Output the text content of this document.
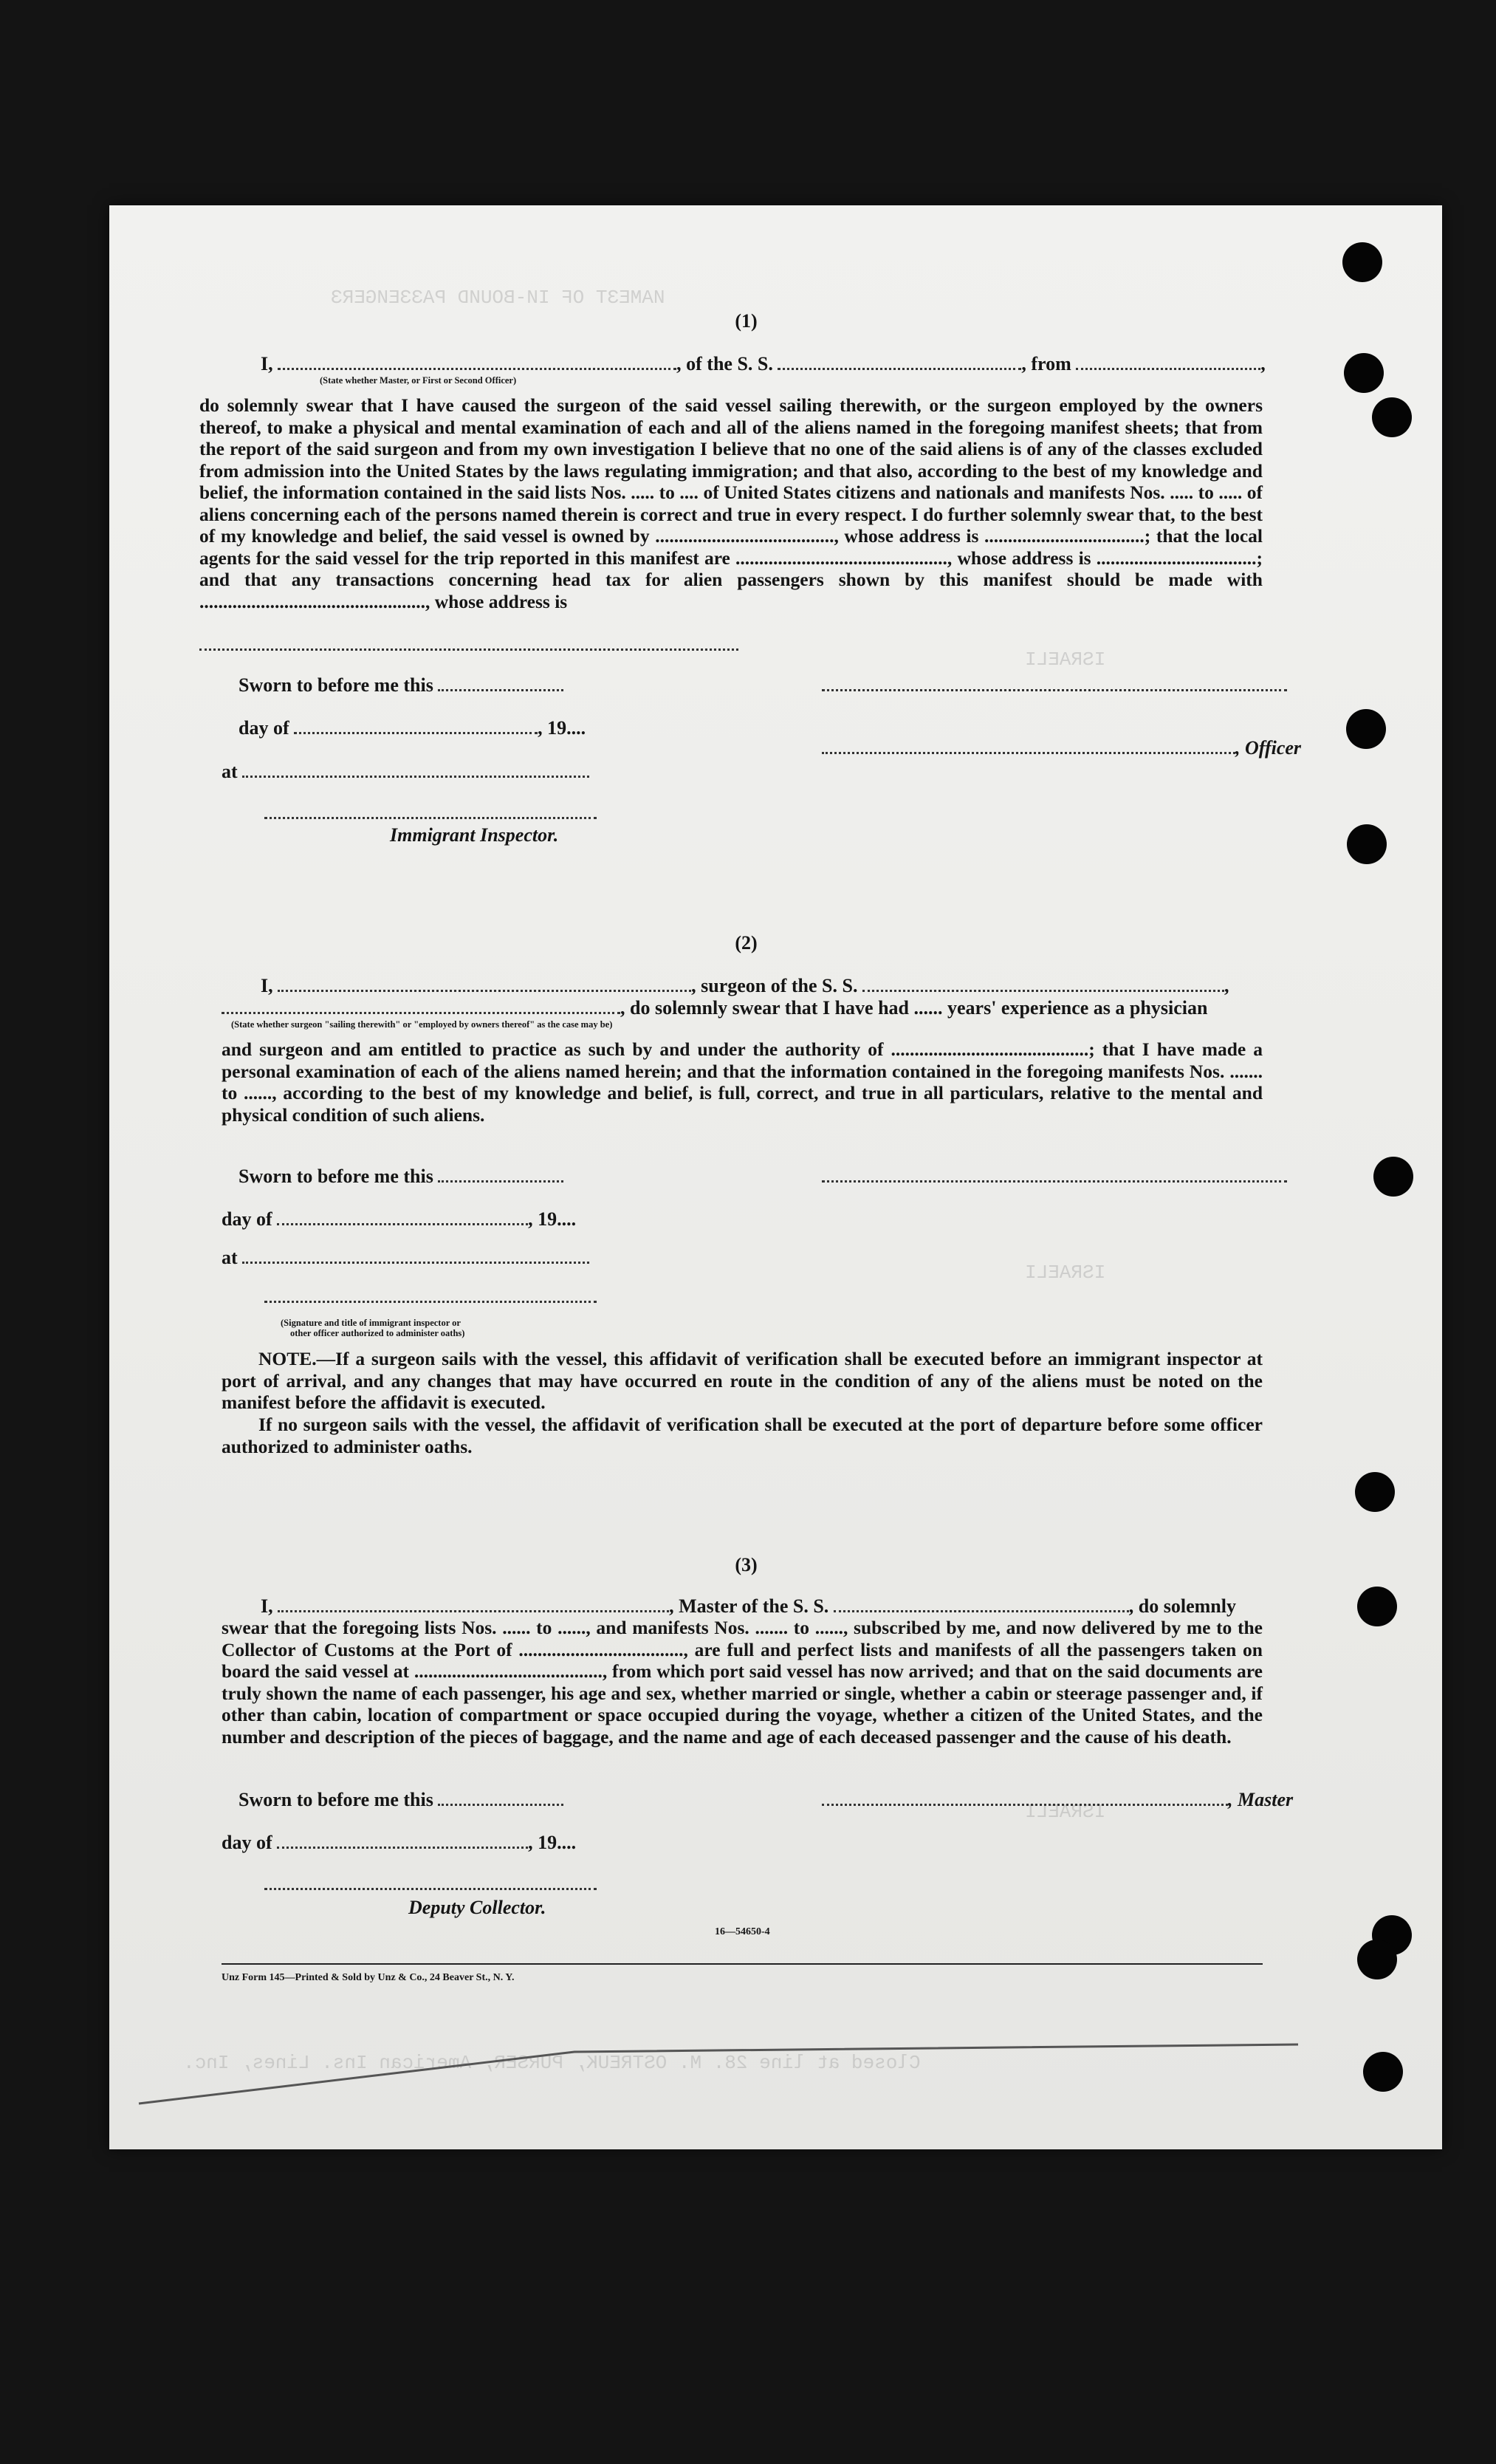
ИАМЕЗТ ОF ІИ-ВОUИD РАЗЗЕИGЕRЗ
ІЅRАЕLІ
ІЅRАЕLІ
ІЅRАЕLІ
Closed at line 28. M. OSTREUK, PURSER, American Ins. Lines, Inc.
(1)
I,	, of the S. S.	, from	,
(State whether Master, or First or Second Officer)
do solemnly swear that I have caused the surgeon of the said vessel sailing therewith, or the surgeon employed by the owners thereof, to make a physical and mental examination of each and all of the aliens named in the foregoing manifest sheets; that from the report of the said surgeon and from my own investigation I believe that no one of the said aliens is of any of the classes excluded from admission into the United States by the laws regulating immigration; and that also, according to the best of my knowledge and belief, the information contained in the said lists Nos. ..... to .... of United States citizens and nationals and manifests Nos. ..... to ..... of aliens concerning each of the persons named therein is correct and true in every respect. I do further solemnly swear that, to the best of my knowledge and belief, the said vessel is owned by ......................................, whose address is ..................................; that the local agents for the said vessel for the trip reported in this manifest are ............................................., whose address is ..................................; and that any transactions concerning head tax for alien passengers shown by this manifest should be made with ................................................, whose address is
Sworn to before me this
day of	, 19....
, Officer
at
Immigrant Inspector.
(2)
I,	, surgeon of the S. S.	,
, do solemnly swear that I have had ...... years' experience as a physician
(State whether surgeon "sailing therewith" or "employed by owners thereof" as the case may be)
and surgeon and am entitled to practice as such by and under the authority of ..........................................; that I have made a personal examination of each of the aliens named herein; and that the information contained in the foregoing manifests Nos. ....... to ......, according to the best of my knowledge and belief, is full, correct, and true in all particulars, relative to the mental and physical condition of such aliens.
Sworn to before me this
day of	, 19....
at
(Signature and title of immigrant inspector or
other officer authorized to administer oaths)
NOTE.—If a surgeon sails with the vessel, this affidavit of verification shall be executed before an immigrant inspector at port of arrival, and any changes that may have occurred en route in the condition of any of the aliens must be noted on the manifest before the affidavit is executed.
If no surgeon sails with the vessel, the affidavit of verification shall be executed at the port of departure before some officer authorized to administer oaths.
(3)
I,	, Master of the S. S.	, do solemnly
swear that the foregoing lists Nos. ...... to ......, and manifests Nos. ....... to ......, subscribed by me, and now delivered by me to the Collector of Customs at the Port of ..................................., are full and perfect lists and manifests of all the passengers taken on board the said vessel at ........................................, from which port said vessel has now arrived; and that on the said documents are truly shown the name of each passenger, his age and sex, whether married or single, whether a cabin or steerage passenger and, if other than cabin, location of compartment or space occupied during the voyage, whether a citizen of the United States, and the number and description of the pieces of baggage, and the name and age of each deceased passenger and the cause of his death.
Sworn to before me this	, Master
day of	, 19....
Deputy Collector.
16—54650-4
Unz Form 145—Printed & Sold by Unz & Co., 24 Beaver St., N. Y.
